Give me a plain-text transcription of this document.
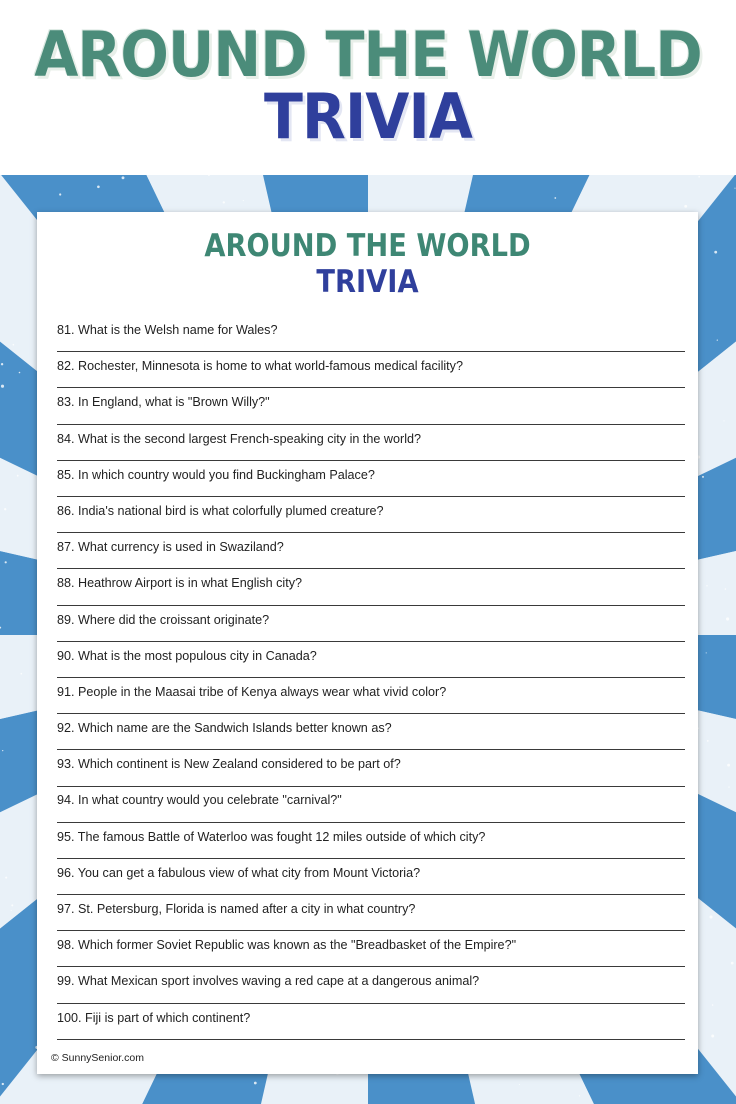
AROUND THE WORLD
TRIVIA
AROUND THE WORLD
TRIVIA
81. What is the Welsh name for Wales?
82. Rochester, Minnesota is home to what world-famous medical facility?
83. In England, what is "Brown Willy?"
84. What is the second largest French-speaking city in the world?
85. In which country would you find Buckingham Palace?
86. India's national bird is what colorfully plumed creature?
87. What currency is used in Swaziland?
88. Heathrow Airport is in what English city?
89. Where did the croissant originate?
90. What is the most populous city in Canada?
91. People in the Maasai tribe of Kenya always wear what vivid color?
92. Which name are the Sandwich Islands better known as?
93. Which continent is New Zealand considered to be part of?
94. In what country would you celebrate "carnival?"
95. The famous Battle of Waterloo was fought 12 miles outside of which city?
96. You can get a fabulous view of what city from Mount Victoria?
97. St. Petersburg, Florida is named after a city in what country?
98. Which former Soviet Republic was known as the "Breadbasket of the Empire?"
99. What Mexican sport involves waving a red cape at a dangerous animal?
100. Fiji is part of which continent?
© SunnySenior.com
